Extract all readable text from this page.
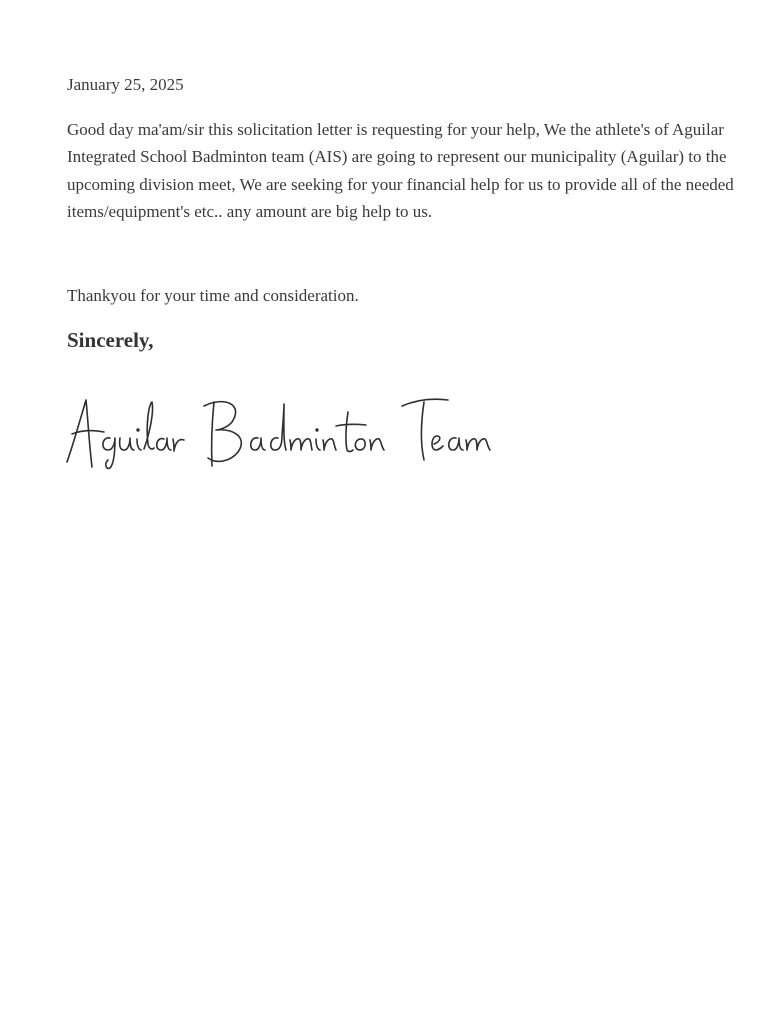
January 25, 2025

Good day ma'am/sir this solicitation letter is requesting for your help, We the athlete's of Aguilar Integrated School Badminton team (AIS) are going to represent our municipality (Aguilar) to the upcoming division meet, We are seeking for your financial help for us to provide all of the needed items/equipment's etc.. any amount are big help to us.

Thankyou for your time and consideration.

Sincerely,
